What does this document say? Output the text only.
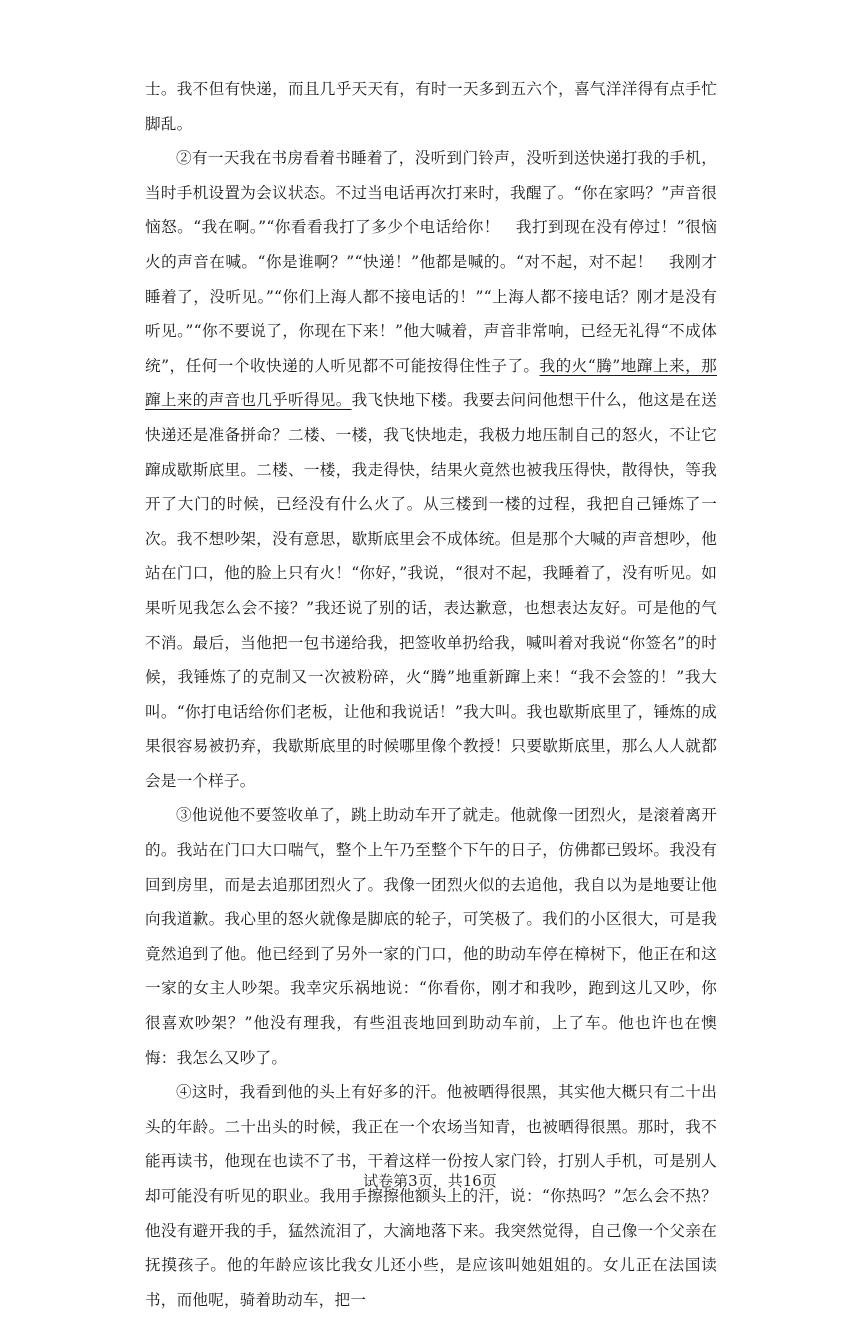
士。我不但有快递，而且几乎天天有，有时一天多到五六个，喜气洋洋得有点手忙脚乱。

②有一天我在书房看着书睡着了，没听到门铃声，没听到送快递打我的手机，当时手机设置为会议状态。不过当电话再次打来时，我醒了。“你在家吗？”声音很恼怒。“我在啊。”“你看看我打了多少个电话给你！　我打到现在没有停过！”很恼火的声音在喊。“你是谁啊？”“快递！”他都是喊的。“对不起，对不起！　我刚才睡着了，没听见。”“你们上海人都不接电话的！”“上海人都不接电话？刚才是没有听见。”“你不要说了，你现在下来！”他大喊着，声音非常响，已经无礼得“不成体统”，任何一个收快递的人听见都不可能按得住性子了。我的火“腾”地蹿上来，那蹿上来的声音也几乎听得见。我飞快地下楼。我要去问问他想干什么，他这是在送快递还是准备拼命？二楼、一楼，我飞快地走，我极力地压制自己的怒火，不让它蹿成歇斯底里。二楼、一楼，我走得快，结果火竟然也被我压得快，散得快，等我开了大门的时候，已经没有什么火了。从三楼到一楼的过程，我把自己锤炼了一次。我不想吵架，没有意思，歇斯底里会不成体统。但是那个大喊的声音想吵，他站在门口，他的脸上只有火！“你好，”我说，“很对不起，我睡着了，没有听见。如果听见我怎么会不接？”我还说了别的话，表达歉意，也想表达友好。可是他的气不消。最后，当他把一包书递给我，把签收单扔给我，喊叫着对我说“你签名”的时候，我锤炼了的克制又一次被粉碎，火“腾”地重新蹿上来！“我不会签的！”我大叫。“你打电话给你们老板，让他和我说话！”我大叫。我也歇斯底里了，锤炼的成果很容易被扔弃，我歇斯底里的时候哪里像个教授！只要歇斯底里，那么人人就都会是一个样子。

③他说他不要签收单了，跳上助动车开了就走。他就像一团烈火，是滚着离开的。我站在门口大口喘气，整个上午乃至整个下午的日子，仿佛都已毁坏。我没有回到房里，而是去追那团烈火了。我像一团烈火似的去追他，我自以为是地要让他向我道歉。我心里的怒火就像是脚底的轮子，可笑极了。我们的小区很大，可是我竟然追到了他。他已经到了另外一家的门口，他的助动车停在樟树下，他正在和这一家的女主人吵架。我幸灾乐祸地说：“你看你，刚才和我吵，跑到这儿又吵，你很喜欢吵架？”他没有理我，有些沮丧地回到助动车前，上了车。他也许也在懊悔：我怎么又吵了。

④这时，我看到他的头上有好多的汗。他被晒得很黑，其实他大概只有二十出头的年龄。二十出头的时候，我正在一个农场当知青，也被晒得很黑。那时，我不能再读书，他现在也读不了书，干着这样一份按人家门铃，打别人手机，可是别人却可能没有听见的职业。我用手擦擦他额头上的汗，说：“你热吗？”怎么会不热？他没有避开我的手，猛然流泪了，大滴地落下来。我突然觉得，自己像一个父亲在抚摸孩子。他的年龄应该比我女儿还小些，是应该叫她姐姐的。女儿正在法国读书，而他呢，骑着助动车，把一

试卷第3页，共16页
